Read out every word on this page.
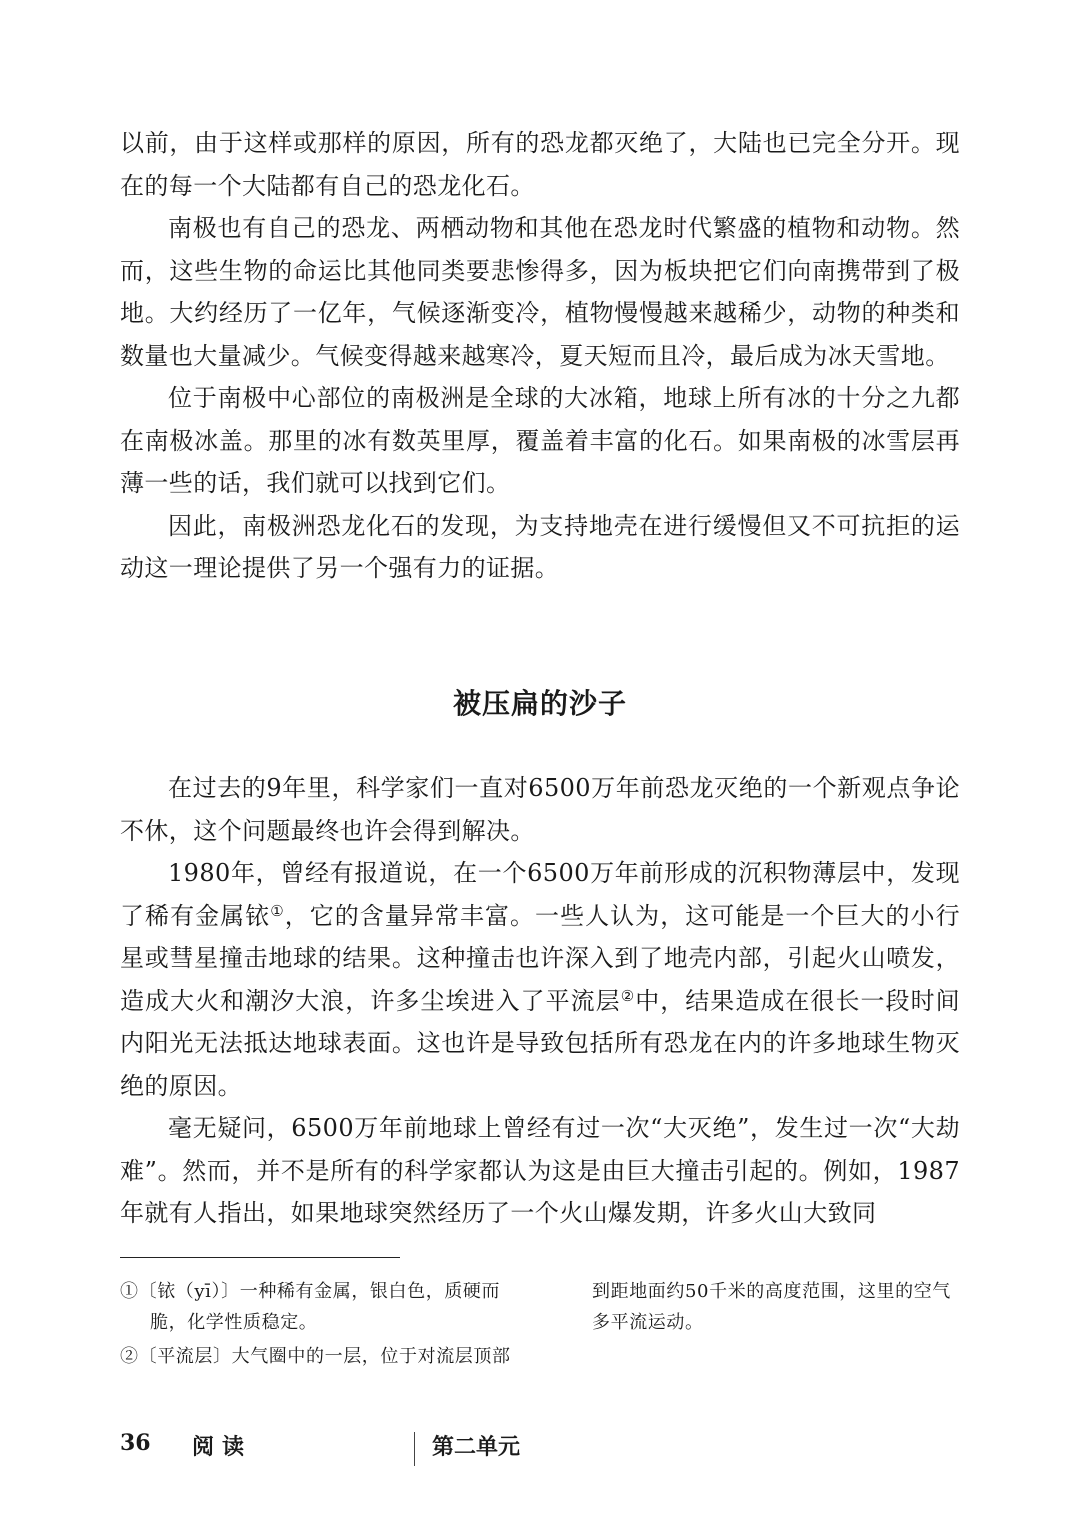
以前，由于这样或那样的原因，所有的恐龙都灭绝了，大陆也已完全分开。现在的每一个大陆都有自己的恐龙化石。

南极也有自己的恐龙、两栖动物和其他在恐龙时代繁盛的植物和动物。然而，这些生物的命运比其他同类要悲惨得多，因为板块把它们向南携带到了极地。大约经历了一亿年，气候逐渐变冷，植物慢慢越来越稀少，动物的种类和数量也大量减少。气候变得越来越寒冷，夏天短而且冷，最后成为冰天雪地。

位于南极中心部位的南极洲是全球的大冰箱，地球上所有冰的十分之九都在南极冰盖。那里的冰有数英里厚，覆盖着丰富的化石。如果南极的冰雪层再薄一些的话，我们就可以找到它们。

因此，南极洲恐龙化石的发现，为支持地壳在进行缓慢但又不可抗拒的运动这一理论提供了另一个强有力的证据。

被压扁的沙子

在过去的9年里，科学家们一直对6500万年前恐龙灭绝的一个新观点争论不休，这个问题最终也许会得到解决。

1980年，曾经有报道说，在一个6500万年前形成的沉积物薄层中，发现了稀有金属铱①，它的含量异常丰富。一些人认为，这可能是一个巨大的小行星或彗星撞击地球的结果。这种撞击也许深入到了地壳内部，引起火山喷发，造成大火和潮汐大浪，许多尘埃进入了平流层②中，结果造成在很长一段时间内阳光无法抵达地球表面。这也许是导致包括所有恐龙在内的许多地球生物灭绝的原因。

毫无疑问，6500万年前地球上曾经有过一次“大灭绝”，发生过一次“大劫难”。然而，并不是所有的科学家都认为这是由巨大撞击引起的。例如，1987年就有人指出，如果地球突然经历了一个火山爆发期，许多火山大致同

①〔铱（yī）〕一种稀有金属，银白色，质硬而脆，化学性质稳定。

②〔平流层〕大气圈中的一层，位于对流层顶部

到距地面约50千米的高度范围，这里的空气多平流运动。

36 阅读	第二单元
